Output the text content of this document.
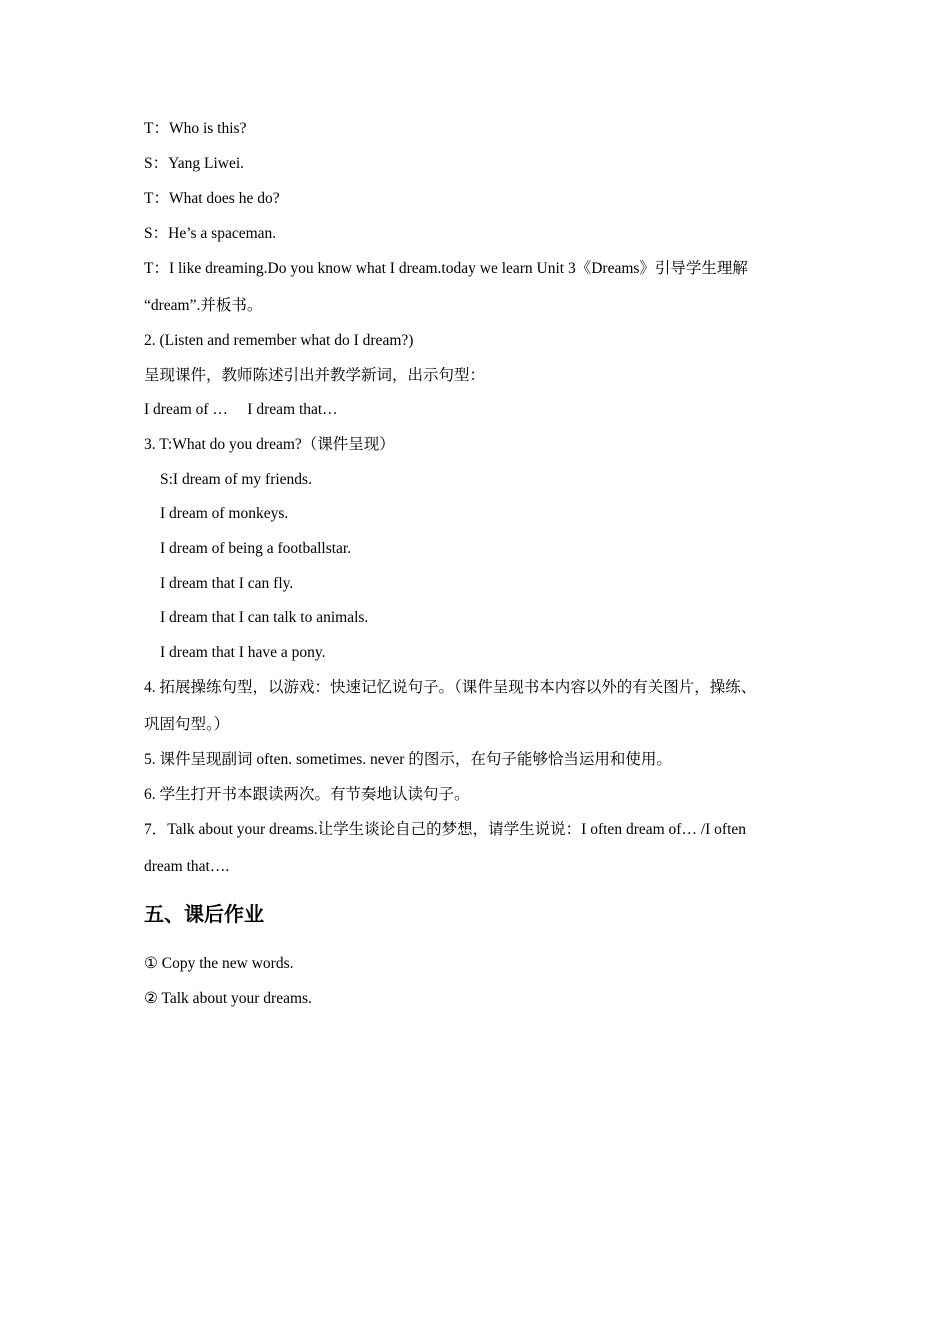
T：Who is this?
S：Yang Liwei.
T：What does he do?
S：He’s a spaceman.
T：I like dreaming.Do you know what I dream.today we learn Unit 3《Dreams》引导学生理解
“dream”.并板书。
2. (Listen and remember what do I dream?)
呈现课件，教师陈述引出并教学新词，出示句型：
I dream of …     I dream that…
3. T:What do you dream?（课件呈现）
S:I dream of my friends.
I dream of monkeys.
I dream of being a footballstar.
I dream that I can fly.
I dream that I can talk to animals.
I dream that I have a pony.
4. 拓展操练句型，以游戏：快速记忆说句子。（课件呈现书本内容以外的有关图片，操练、
巩固句型。）
5. 课件呈现副词 often. sometimes. never 的图示，在句子能够恰当运用和使用。
6. 学生打开书本跟读两次。有节奏地认读句子。
7．Talk about your dreams.让学生谈论自己的梦想，请学生说说：I often dream of… /I often
dream that….
五、课后作业
① Copy the new words.
② Talk about your dreams.
